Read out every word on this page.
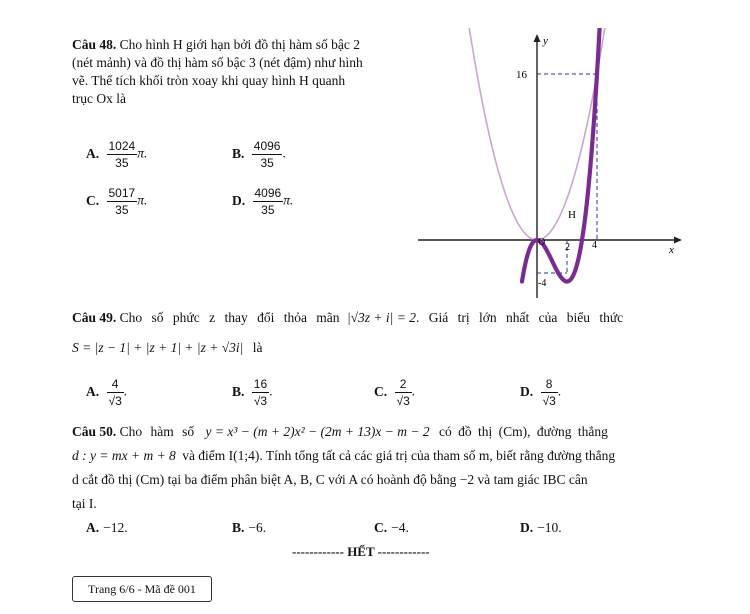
Câu 48. Cho hình H giới hạn bởi đồ thị hàm số bậc 2
(nét mảnh) và đồ thị hàm số bậc 3 (nét đậm) như hình
vẽ. Thể tích khối tròn xoay khi quay hình H quanh
trục Ox là
A. $\frac{1024}{35} \pi$.	B. $\frac{4096}{35}$ .
C. $\frac{5017}{35} \pi$.	D. $\frac{4096}{35} \pi$.
y
x
16
O
H
2 4
-4
Câu 49. Cho số phức z thay đổi thỏa mãn |√3z + i| = 2. Giá trị lớn nhất của biểu thức
S = |z − 1| + |z + 1| + |z + √3i| là
A. $\frac{4}{√3}$ .	B. $\frac{16}{√3}$ .	C. $\frac{2}{√3}$ .	D. $\frac{8}{√3}$ .
Câu 50. Cho hàm số y = x³ − (m + 2)x² − (2m + 13)x − m − 2 có đồ thị (Cm), đường thẳng
d : y = mx + m + 8 và điểm I(1;4). Tính tổng tất cả các giá trị của tham số m, biết rằng đường thẳng
d cắt đồ thị (Cm) tại ba điểm phân biệt A, B, C với A có hoành độ bằng −2 và tam giác IBC cân
tại I.
A. −12.	B. −6.	C. −4.	D. −10.
------------ HẾT ------------
Trang 6/6 - Mã đề 001
